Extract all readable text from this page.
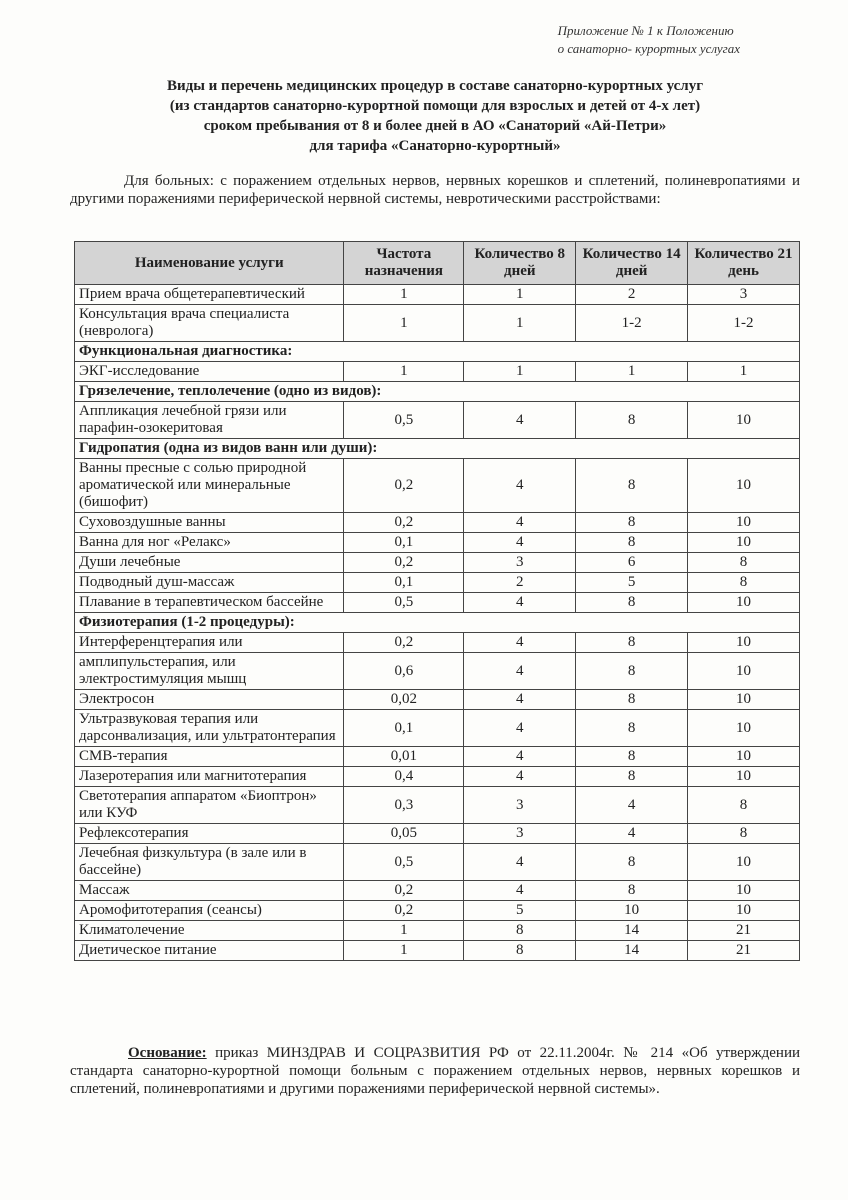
Приложение № 1 к Положению
о санаторно- курортных услугах
Виды и перечень медицинских процедур в составе санаторно-курортных услуг
(из стандартов санаторно-курортной помощи для взрослых и детей от 4-х лет)
сроком пребывания от 8 и более дней в АО «Санаторий «Ай-Петри»
для тарифа «Санаторно-курортный»
Для больных: с поражением отдельных нервов, нервных корешков и сплетений, полиневропатиями и другими поражениями периферической нервной системы, невротическими расстройствами:
Наименование услуги	Частота назначения	Количество 8 дней	Количество 14 дней	Количество 21 день
Прием врача общетерапевтический	1	1	2	3
Консультация врача специалиста (невролога)	1	1	1-2	1-2
Функциональная диагностика:				
ЭКГ-исследование	1	1	1	1
Грязелечение, теплолечение (одно из видов):				
Аппликация лечебной грязи или парафин-озокеритовая	0,5	4	8	10
Гидропатия (одна из видов ванн или души):				
Ванны пресные с солью природной ароматической или минеральные (бишофит)	0,2	4	8	10
Суховоздушные ванны	0,2	4	8	10
Ванна для ног «Релакс»	0,1	4	8	10
Души лечебные	0,2	3	6	8
Подводный душ-массаж	0,1	2	5	8
Плавание в терапевтическом бассейне	0,5	4	8	10
Физиотерапия (1-2 процедуры):				
Интерференцтерапия или	0,2	4	8	10
амплипульстерапия, или электростимуляция мышц	0,6	4	8	10
Электросон	0,02	4	8	10
Ультразвуковая терапия или дарсонвализация, или ультратонтерапия	0,1	4	8	10
СМВ-терапия	0,01	4	8	10
Лазеротерапия или магнитотерапия	0,4	4	8	10
Светотерапия аппаратом «Биоптрон» или КУФ	0,3	3	4	8
Рефлексотерапия	0,05	3	4	8
Лечебная физкультура (в зале или в бассейне)	0,5	4	8	10
Массаж	0,2	4	8	10
Аромофитотерапия (сеансы)	0,2	5	10	10
Климатолечение	1	8	14	21
Диетическое питание	1	8	14	21
Основание: приказ МИНЗДРАВ И СОЦРАЗВИТИЯ РФ от 22.11.2004г. № 214 «Об утверждении стандарта санаторно-курортной помощи больным с поражением отдельных нервов, нервных корешков и сплетений, полиневропатиями и другими поражениями периферической нервной системы».
